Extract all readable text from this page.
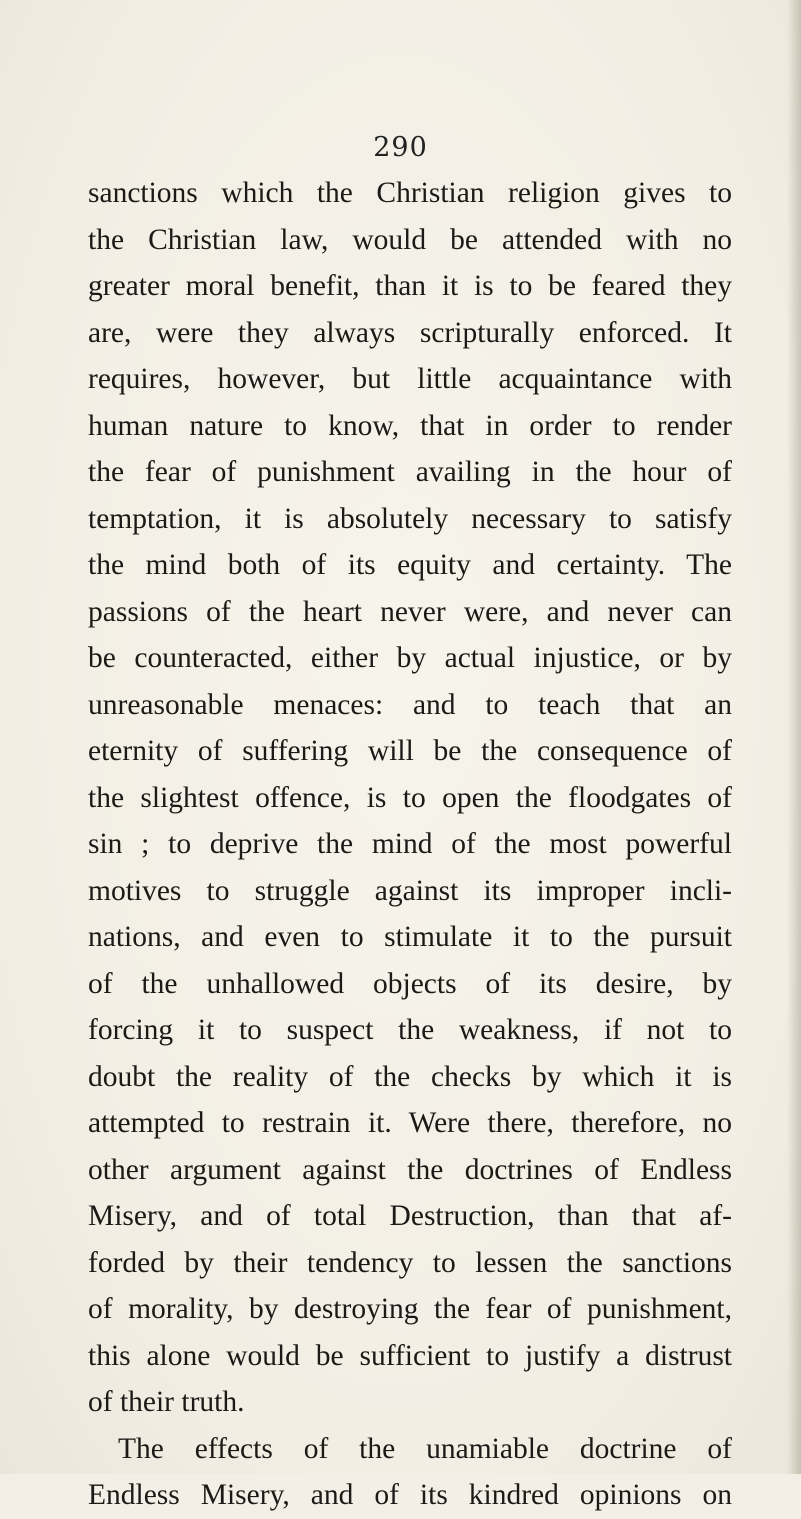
290
sanctions which the Christian religion gives to
the Christian law, would be attended with no
greater moral benefit, than it is to be feared they
are, were they always scripturally enforced. It
requires, however, but little acquaintance with
human nature to know, that in order to render
the fear of punishment availing in the hour of
temptation, it is absolutely necessary to satisfy
the mind both of its equity and certainty. The
passions of the heart never were, and never can
be counteracted, either by actual injustice, or by
unreasonable menaces: and to teach that an
eternity of suffering will be the consequence of
the slightest offence, is to open the floodgates of
sin ; to deprive the mind of the most powerful
motives to struggle against its improper incli-
nations, and even to stimulate it to the pursuit
of the unhallowed objects of its desire, by
forcing it to suspect the weakness, if not to
doubt the reality of the checks by which it is
attempted to restrain it. Were there, therefore, no
other argument against the doctrines of Endless
Misery, and of total Destruction, than that af-
forded by their tendency to lessen the sanctions
of morality, by destroying the fear of punishment,
this alone would be sufficient to justify a distrust
of their truth.
The effects of the unamiable doctrine of
Endless Misery, and of its kindred opinions on
